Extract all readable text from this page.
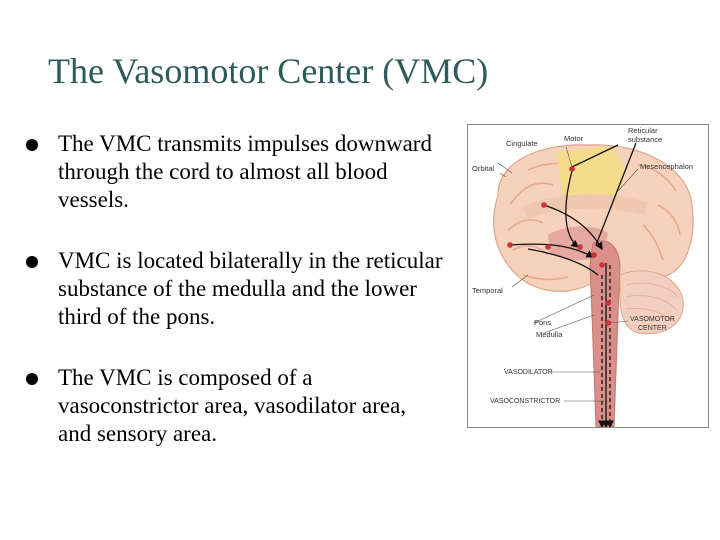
The Vasomotor Center (VMC)
The VMC transmits impulses downward through the cord to almost all blood vessels.
VMC is located bilaterally in the reticular substance of the medulla and the lower third of the pons.
The VMC is composed of a vasoconstrictor area, vasodilator area, and sensory area.
Cingulate
Motor
Reticular
substance
Orbital	Mesencephalon
Temporal
Pons
Medulla
VASOMOTOR
CENTER
VASODILATOR
VASOCONSTRICTOR
